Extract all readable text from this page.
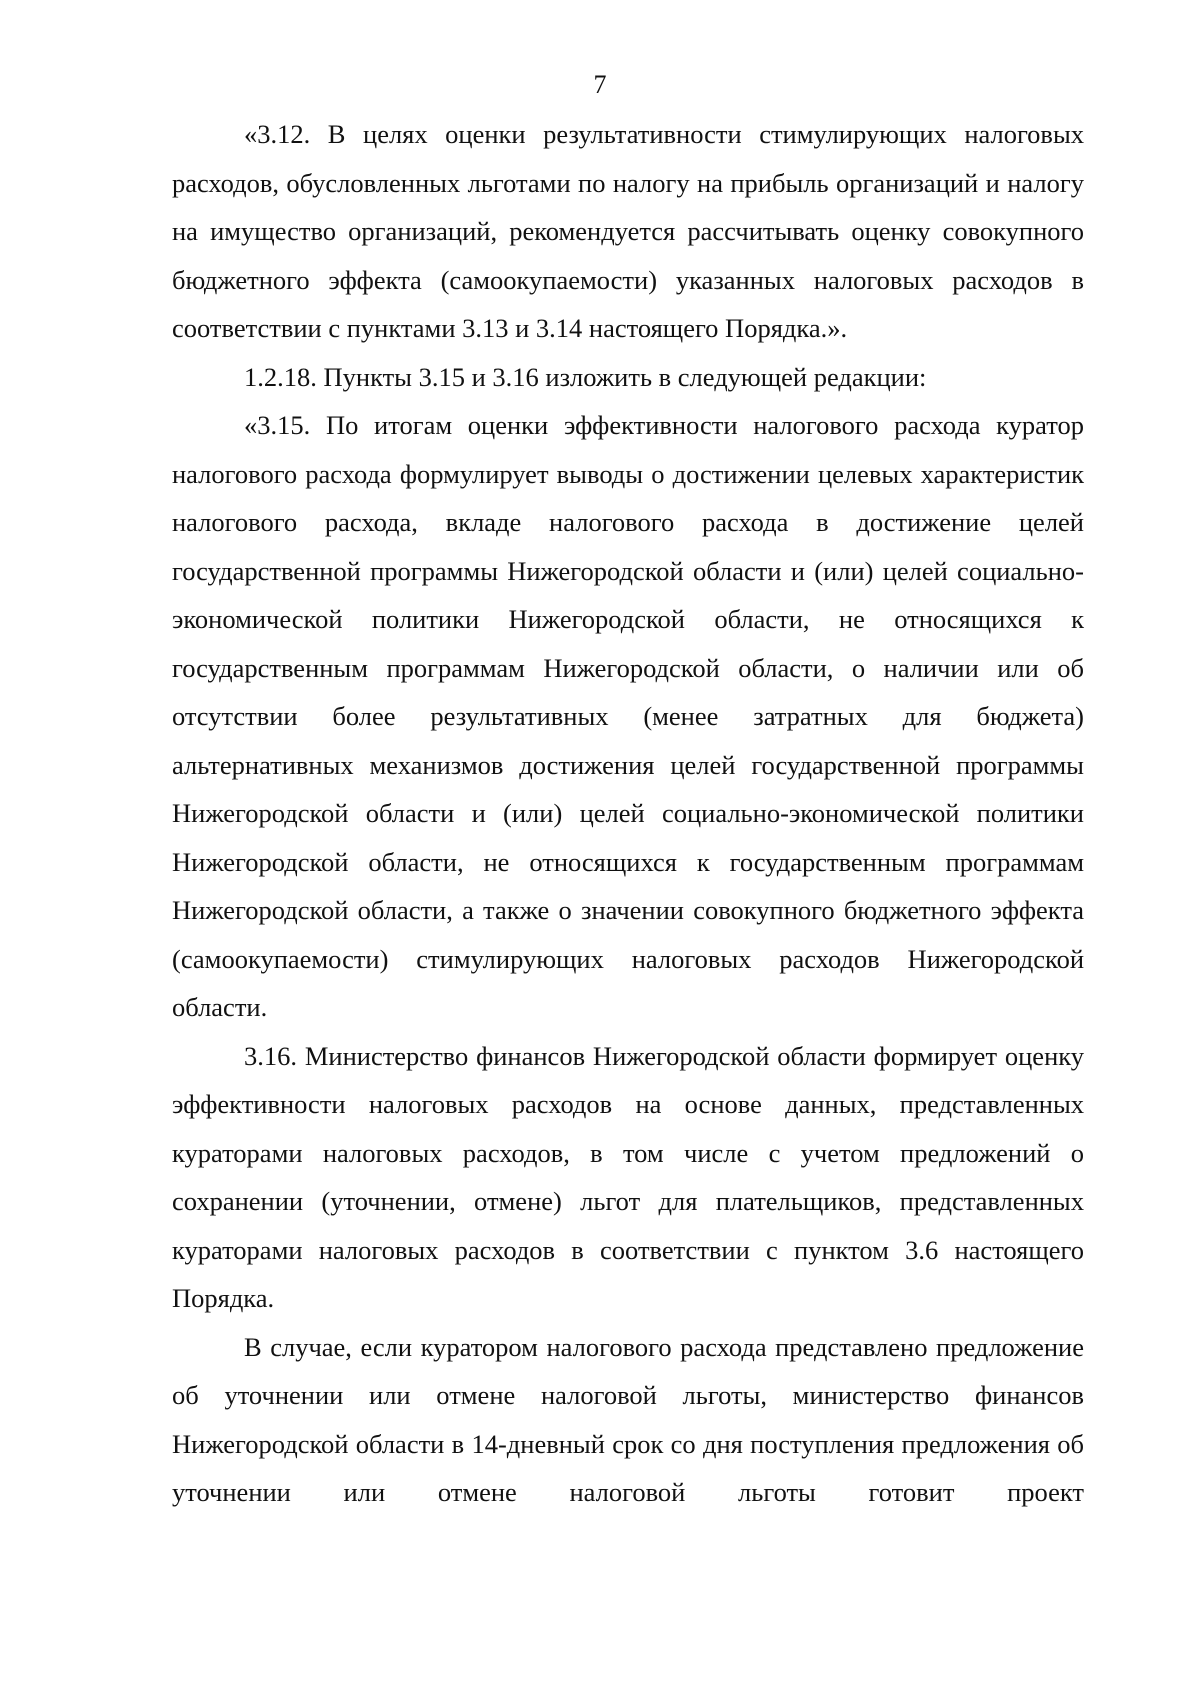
7

«3.12. В целях оценки результативности стимулирующих налоговых расходов, обусловленных льготами по налогу на прибыль организаций и налогу на имущество организаций, рекомендуется рассчитывать оценку совокупного бюджетного эффекта (самоокупаемости) указанных налоговых расходов в соответствии с пунктами 3.13 и 3.14 настоящего Порядка.».

1.2.18. Пункты 3.15 и 3.16 изложить в следующей редакции:

«3.15. По итогам оценки эффективности налогового расхода куратор налогового расхода формулирует выводы о достижении целевых характеристик налогового расхода, вкладе налогового расхода в достижение целей государственной программы Нижегородской области и (или) целей социально-экономической политики Нижегородской области, не относящихся к государственным программам Нижегородской области, о наличии или об отсутствии более результативных (менее затратных для бюджета) альтернативных механизмов достижения целей государственной программы Нижегородской области и (или) целей социально-экономической политики Нижегородской области, не относящихся к государственным программам Нижегородской области, а также о значении совокупного бюджетного эффекта (самоокупаемости) стимулирующих налоговых расходов Нижегородской области.

3.16. Министерство финансов Нижегородской области формирует оценку эффективности налоговых расходов на основе данных, представленных кураторами налоговых расходов, в том числе с учетом предложений о сохранении (уточнении, отмене) льгот для плательщиков, представленных кураторами налоговых расходов в соответствии с пунктом 3.6 настоящего Порядка.

В случае, если куратором налогового расхода представлено предложение об уточнении или отмене налоговой льготы, министерство финансов Нижегородской области в 14-дневный срок со дня поступления предложения об уточнении или отмене налоговой льготы готовит проект
